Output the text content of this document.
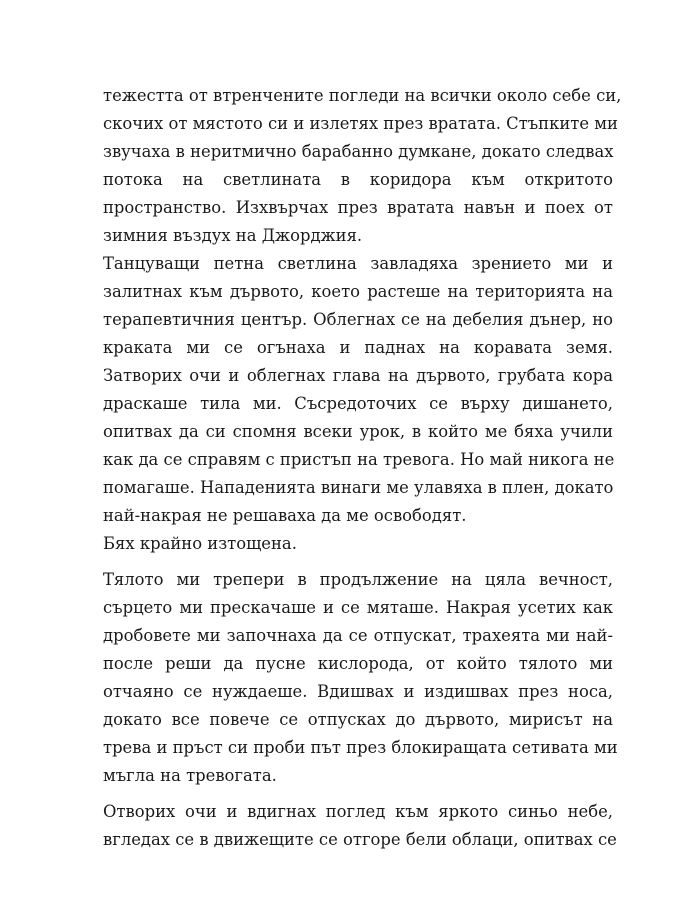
тежестта от втренчените погледи на всички около себе си,
скочих от мястото си и излетях през вратата. Стъпките ми
звучаха в неритмично барабанно думкане, докато следвах
потока на светлината в коридора към откритото
пространство. Изхвърчах през вратата навън и поех от
зимния въздух на Джорджия.
Танцуващи петна светлина завладяха зрението ми и
залитнах към дървото, което растеше на територията на
терапевтичния център. Облегнах се на дебелия дънер, но
краката ми се огънаха и паднах на коравата земя.
Затворих очи и облегнах глава на дървото, грубата кора
драскаше тила ми. Съсредоточих се върху дишането,
опитвах да си спомня всеки урок, в който ме бяха учили
как да се справям с пристъп на тревога. Но май никога не
помагаше. Нападенията винаги ме улавяха в плен, докато
най-накрая не решаваха да ме освободят.
Бях крайно изтощена.
Тялото ми трепери в продължение на цяла вечност,
сърцето ми прескачаше и се мяташе. Накрая усетих как
дробовете ми започнаха да се отпускат, трахеята ми най-
после реши да пусне кислорода, от който тялото ми
отчаяно се нуждаеше. Вдишвах и издишвах през носа,
докато все повече се отпусках до дървото, мирисът на
трева и пръст си проби път през блокиращата сетивата ми
мъгла на тревогата.
Отворих очи и вдигнах поглед към яркото синьо небе,
вгледах се в движещите се отгоре бели облаци, опитвах се
